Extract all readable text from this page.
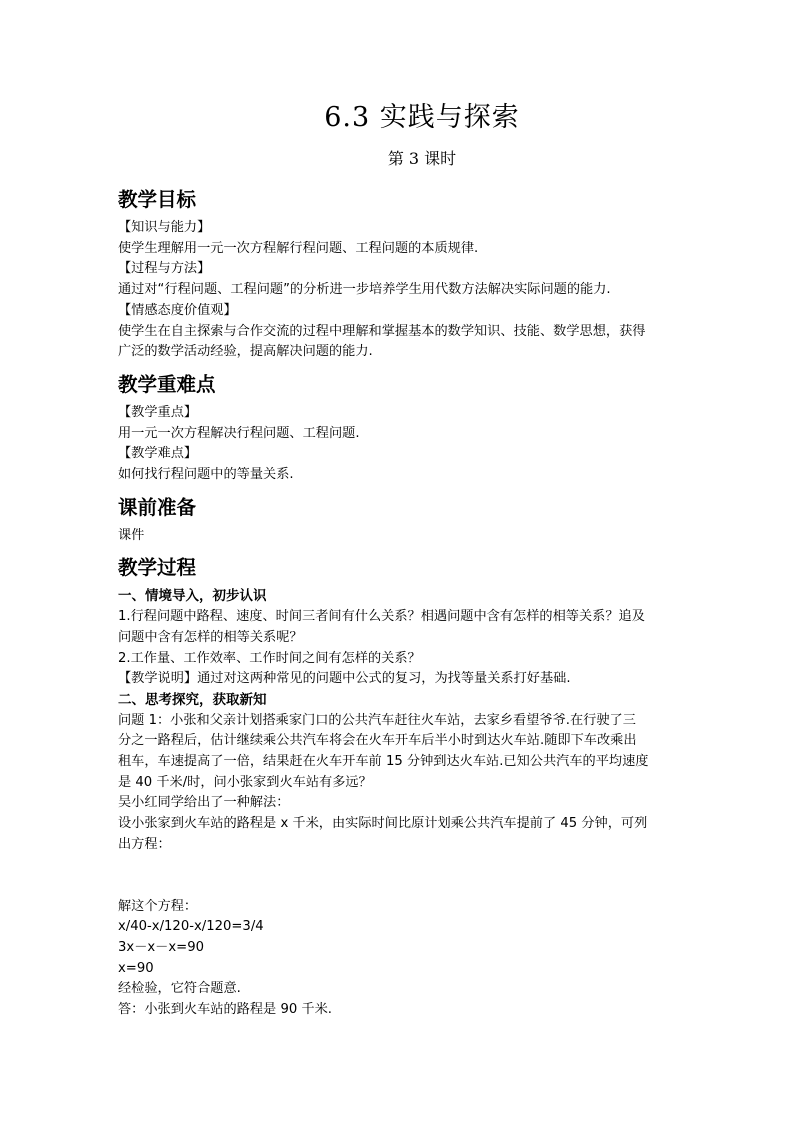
6.3 实践与探索
第 3 课时
教学目标
【知识与能力】
使学生理解用一元一次方程解行程问题、工程问题的本质规律.
【过程与方法】
通过对“行程问题、工程问题”的分析进一步培养学生用代数方法解决实际问题的能力.
【情感态度价值观】
使学生在自主探索与合作交流的过程中理解和掌握基本的数学知识、技能、数学思想，获得
广泛的数学活动经验，提高解决问题的能力.
教学重难点
【教学重点】
用一元一次方程解决行程问题、工程问题.
【教学难点】
如何找行程问题中的等量关系.
课前准备
课件
教学过程
一、情境导入，初步认识
1.行程问题中路程、速度、时间三者间有什么关系？相遇问题中含有怎样的相等关系？追及
问题中含有怎样的相等关系呢？
2.工作量、工作效率、工作时间之间有怎样的关系？
【教学说明】通过对这两种常见的问题中公式的复习，为找等量关系打好基础.
二、思考探究，获取新知
问题 1：小张和父亲计划搭乘家门口的公共汽车赶往火车站，去家乡看望爷爷.在行驶了三
分之一路程后，估计继续乘公共汽车将会在火车开车后半小时到达火车站.随即下车改乘出
租车，车速提高了一倍，结果赶在火车开车前 15 分钟到达火车站.已知公共汽车的平均速度
是 40 千米/时，问小张家到火车站有多远？
吴小红同学给出了一种解法：
设小张家到火车站的路程是 x 千米，由实际时间比原计划乘公共汽车提前了 45 分钟，可列
出方程：
解这个方程：
x/40-x/120-x/120=3/4
3x－x－x=90
x=90
经检验，它符合题意.
答：小张到火车站的路程是 90 千米.
